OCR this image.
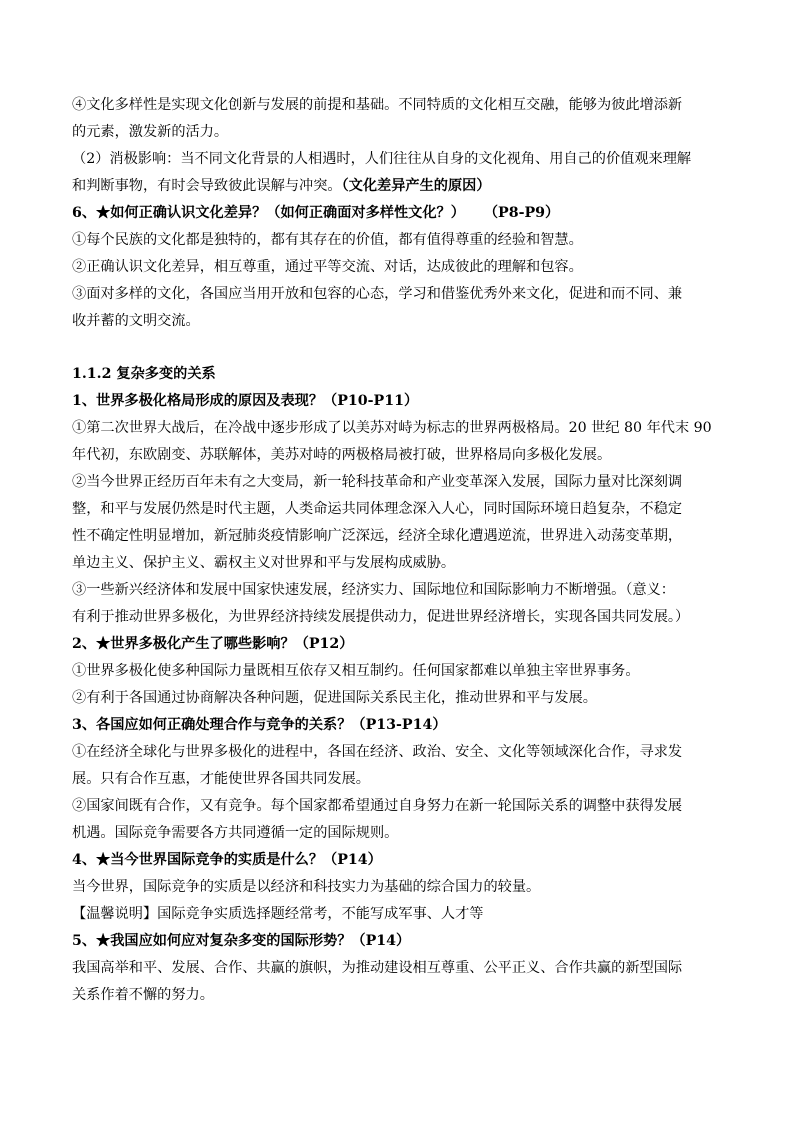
④文化多样性是实现文化创新与发展的前提和基础。不同特质的文化相互交融，能够为彼此增添新
的元素，激发新的活力。
（2）消极影响：当不同文化背景的人相遇时，人们往往从自身的文化视角、用自己的价值观来理解
和判断事物，有时会导致彼此误解与冲突。（文化差异产生的原因）
6、★如何正确认识文化差异？（如何正确面对多样性文化？） （P8-P9）
①每个民族的文化都是独特的，都有其存在的价值，都有值得尊重的经验和智慧。
②正确认识文化差异，相互尊重，通过平等交流、对话，达成彼此的理解和包容。
③面对多样的文化，各国应当用开放和包容的心态，学习和借鉴优秀外来文化，促进和而不同、兼
收并蓄的文明交流。
1.1.2 复杂多变的关系
1、世界多极化格局形成的原因及表现？（P10-P11）
①第二次世界大战后，在冷战中逐步形成了以美苏对峙为标志的世界两极格局。20 世纪 80 年代末 90
年代初，东欧剧变、苏联解体，美苏对峙的两极格局被打破，世界格局向多极化发展。
②当今世界正经历百年未有之大变局，新一轮科技革命和产业变革深入发展，国际力量对比深刻调
整，和平与发展仍然是时代主题，人类命运共同体理念深入人心，同时国际环境日趋复杂，不稳定
性不确定性明显增加，新冠肺炎疫情影响广泛深远，经济全球化遭遇逆流，世界进入动荡变革期，
单边主义、保护主义、霸权主义对世界和平与发展构成威胁。
③一些新兴经济体和发展中国家快速发展，经济实力、国际地位和国际影响力不断增强。（意义：
有利于推动世界多极化，为世界经济持续发展提供动力，促进世界经济增长，实现各国共同发展。）
2、★世界多极化产生了哪些影响？（P12）
①世界多极化使多种国际力量既相互依存又相互制约。任何国家都难以单独主宰世界事务。
②有利于各国通过协商解决各种问题，促进国际关系民主化，推动世界和平与发展。
3、各国应如何正确处理合作与竞争的关系？（P13-P14）
①在经济全球化与世界多极化的进程中，各国在经济、政治、安全、文化等领域深化合作，寻求发
展。只有合作互惠，才能使世界各国共同发展。
②国家间既有合作，又有竞争。每个国家都希望通过自身努力在新一轮国际关系的调整中获得发展
机遇。国际竞争需要各方共同遵循一定的国际规则。
4、★当今世界国际竞争的实质是什么？（P14）
当今世界，国际竞争的实质是以经济和科技实力为基础的综合国力的较量。
【温馨说明】国际竞争实质选择题经常考，不能写成军事、人才等
5、★我国应如何应对复杂多变的国际形势？（P14）
我国高举和平、发展、合作、共赢的旗帜，为推动建设相互尊重、公平正义、合作共赢的新型国际
关系作着不懈的努力。
